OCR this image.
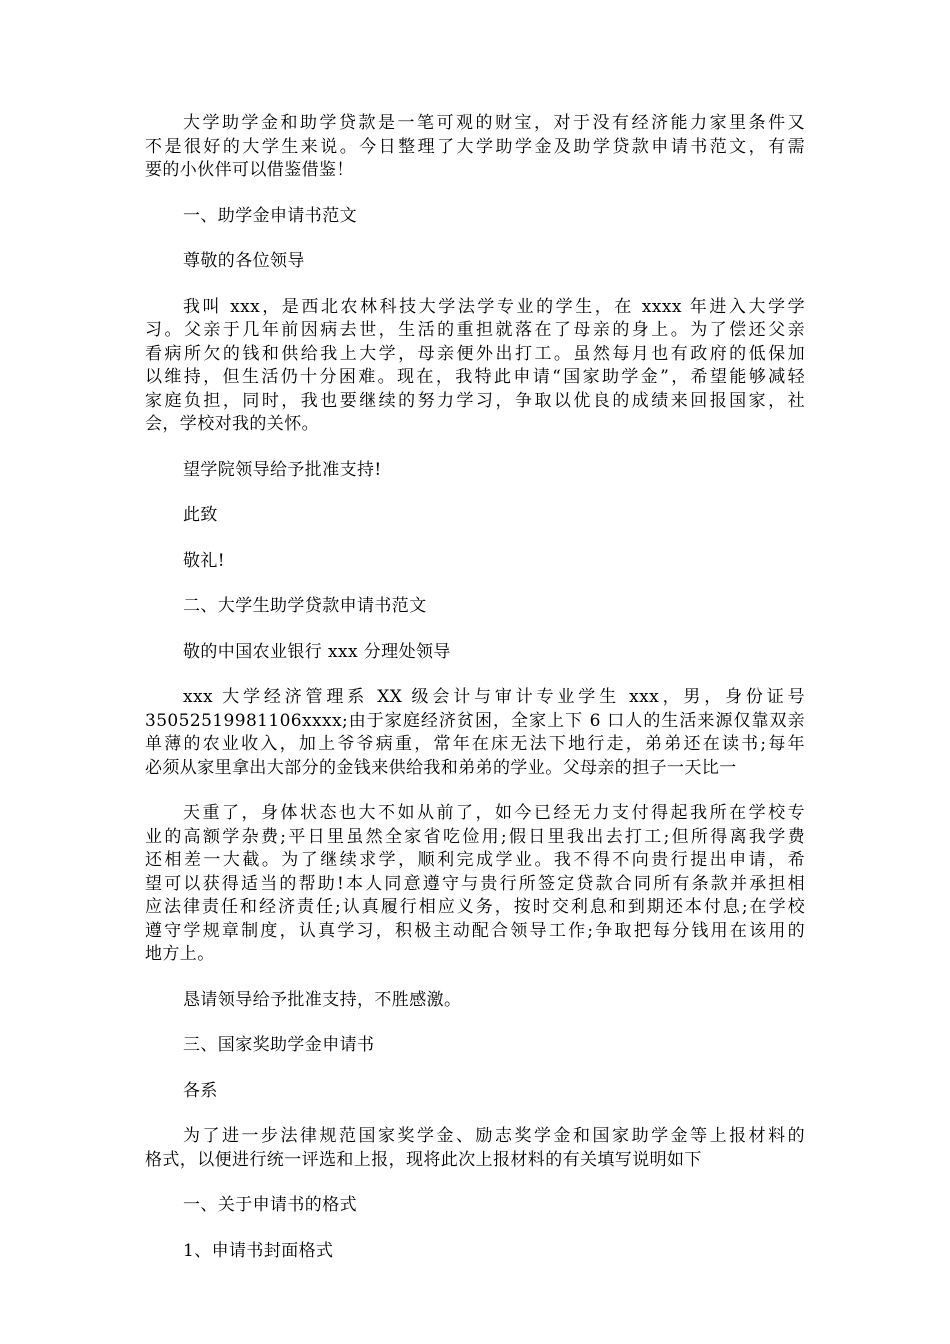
大学助学金和助学贷款是一笔可观的财宝，对于没有经济能力家里条件又
不是很好的大学生来说。今日整理了大学助学金及助学贷款申请书范文，有需
要的小伙伴可以借鉴借鉴！
一、助学金申请书范文
尊敬的各位领导
我叫 xxx，是西北农林科技大学法学专业的学生，在 xxxx 年进入大学学
习。父亲于几年前因病去世，生活的重担就落在了母亲的身上。为了偿还父亲
看病所欠的钱和供给我上大学，母亲便外出打工。虽然每月也有政府的低保加
以维持，但生活仍十分困难。现在，我特此申请“国家助学金”，希望能够减轻
家庭负担，同时，我也要继续的努力学习，争取以优良的成绩来回报国家，社
会，学校对我的关怀。
望学院领导给予批准支持!
此致
敬礼!
二、大学生助学贷款申请书范文
敬的中国农业银行 xxx 分理处领导
xxx 大学经济管理系 XX 级会计与审计专业学生 xxx，男，身份证号
35052519981106xxxx;由于家庭经济贫困，全家上下 6 口人的生活来源仅靠双亲
单薄的农业收入，加上爷爷病重，常年在床无法下地行走，弟弟还在读书;每年
必须从家里拿出大部分的金钱来供给我和弟弟的学业。父母亲的担子一天比一
天重了，身体状态也大不如从前了，如今已经无力支付得起我所在学校专
业的高额学杂费;平日里虽然全家省吃俭用;假日里我出去打工;但所得离我学费
还相差一大截。为了继续求学，顺利完成学业。我不得不向贵行提出申请，希
望可以获得适当的帮助!本人同意遵守与贵行所签定贷款合同所有条款并承担相
应法律责任和经济责任;认真履行相应义务，按时交利息和到期还本付息;在学校
遵守学规章制度，认真学习，积极主动配合领导工作;争取把每分钱用在该用的
地方上。
恳请领导给予批准支持，不胜感激。
三、国家奖助学金申请书
各系
为了进一步法律规范国家奖学金、励志奖学金和国家助学金等上报材料的
格式，以便进行统一评选和上报，现将此次上报材料的有关填写说明如下
一、关于申请书的格式
1、申请书封面格式
